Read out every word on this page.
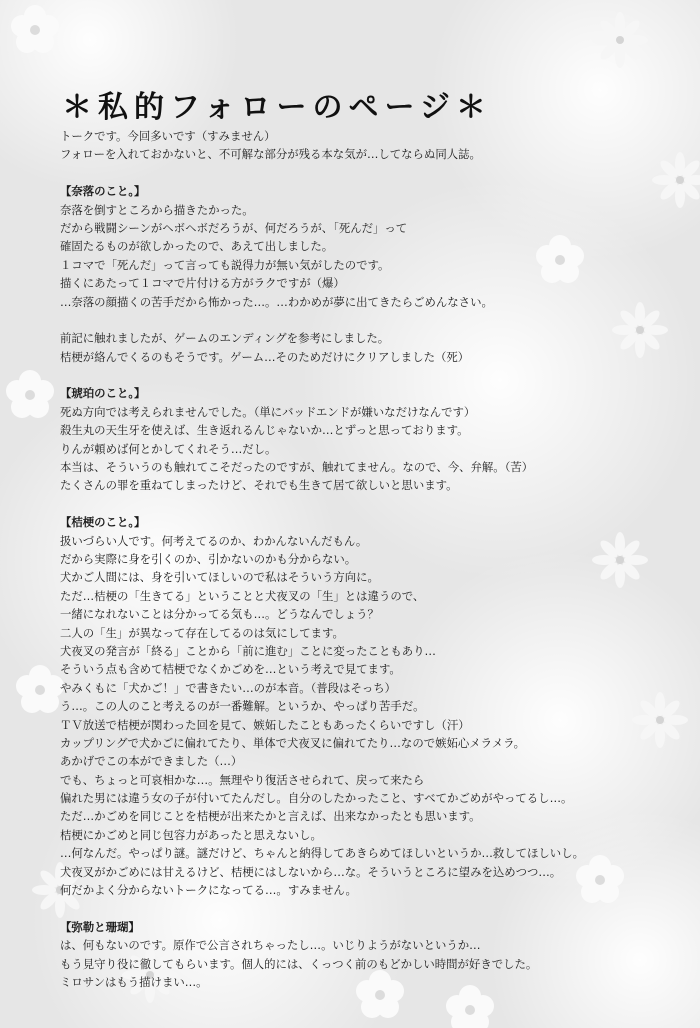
＊私的フォローのページ＊
トークです。今回多いです（すみません）
フォローを入れておかないと、不可解な部分が残る本な気が…してならぬ同人誌。
【奈落のこと。】
奈落を倒すところから描きたかった。
だから戦闘シーンがヘボヘボだろうが、何だろうが、「死んだ」って
確固たるものが欲しかったので、あえて出しました。
１コマで「死んだ」って言っても説得力が無い気がしたのです。
描くにあたって１コマで片付ける方がラクですが（爆）
…奈落の顔描くの苦手だから怖かった…。…わかめが夢に出てきたらごめんなさい。
前記に触れましたが、ゲームのエンディングを参考にしました。
桔梗が絡んでくるのもそうです。ゲーム…そのためだけにクリアしました（死）
【琥珀のこと。】
死ぬ方向では考えられませんでした。（単にバッドエンドが嫌いなだけなんです）
殺生丸の天生牙を使えば、生き返れるんじゃないか…とずっと思っております。
りんが頼めば何とかしてくれそう…だし。
本当は、そういうのも触れてこそだったのですが、触れてません。なので、今、弁解。（苦）
たくさんの罪を重ねてしまったけど、それでも生きて居て欲しいと思います。
【桔梗のこと。】
扱いづらい人です。何考えてるのか、わかんないんだもん。
だから実際に身を引くのか、引かないのかも分からない。
犬かご人間には、身を引いてほしいので私はそういう方向に。
ただ…桔梗の「生きてる」ということと犬夜叉の「生」とは違うので、
一緒になれないことは分かってる気も…。どうなんでしょう？
二人の「生」が異なって存在してるのは気にしてます。
犬夜叉の発言が「終る」ことから「前に進む」ことに変ったこともあり…
そういう点も含めて桔梗でなくかごめを…という考えで見てます。
やみくもに「犬かご！」で書きたい…のが本音。（普段はそっち）
う…。この人のこと考えるのが一番難解。というか、やっぱり苦手だ。
ＴＶ放送で桔梗が関わった回を見て、嫉妬したこともあったくらいですし（汗）
カップリングで犬かごに偏れてたり、単体で犬夜叉に偏れてたり…なので嫉妬心メラメラ。
あかげでこの本ができました（…）
でも、ちょっと可哀相かな…。無理やり復活させられて、戻って来たら
偏れた男には違う女の子が付いてたんだし。自分のしたかったこと、すべてかごめがやってるし…。
ただ…かごめを同じことを桔梗が出来たかと言えば、出来なかったとも思います。
桔梗にかごめと同じ包容力があったと思えないし。
…何なんだ。やっぱり謎。謎だけど、ちゃんと納得してあきらめてほしいというか…救してほしいし。
犬夜叉がかごめには甘えるけど、桔梗にはしないから…な。そういうところに望みを込めつつ…。
何だかよく分からないトークになってる…。すみません。
【弥勒と珊瑚】
は、何もないのです。原作で公言されちゃったし…。いじりようがないというか…
もう見守り役に徹してもらいます。個人的には、くっつく前のもどかしい時間が好きでした。
ミロサンはもう描けまい…。
